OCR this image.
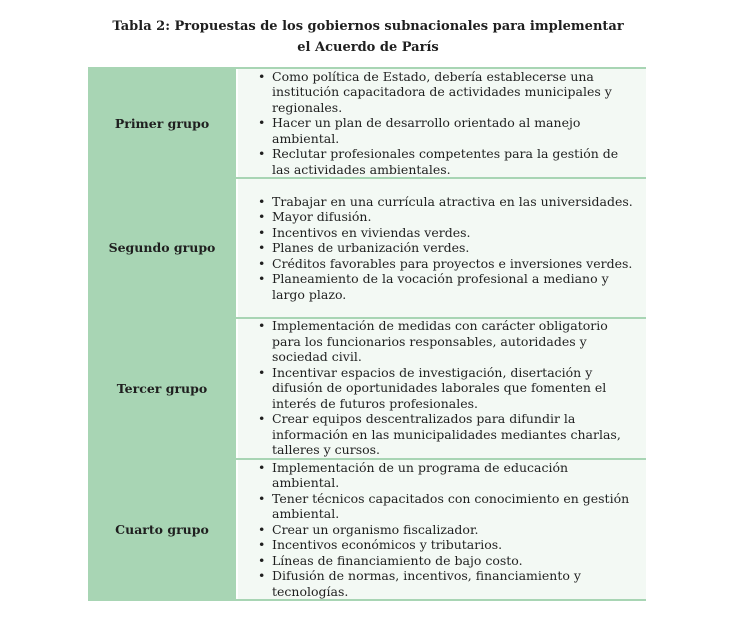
Tabla 2: Propuestas de los gobiernos subnacionales para implementar
el Acuerdo de París
Primer grupo
• Como política de Estado, debería establecerse una institución capacitadora de actividades municipales y regionales.
• Hacer un plan de desarrollo orientado al manejo ambiental.
• Reclutar profesionales competentes para la gestión de las actividades ambientales.
Segundo grupo
• Trabajar en una currícula atractiva en las universidades.
• Mayor difusión.
• Incentivos en viviendas verdes.
• Planes de urbanización verdes.
• Créditos favorables para proyectos e inversiones verdes.
• Planeamiento de la vocación profesional a mediano y largo plazo.
Tercer grupo
• Implementación de medidas con carácter obligatorio para los funcionarios responsables, autoridades y sociedad civil.
• Incentivar espacios de investigación, disertación y difusión de oportunidades laborales que fomenten el interés de futuros profesionales.
• Crear equipos descentralizados para difundir la información en las municipalidades mediantes charlas, talleres y cursos.
Cuarto grupo
• Implementación de un programa de educación ambiental.
• Tener técnicos capacitados con conocimiento en gestión ambiental.
• Crear un organismo fiscalizador.
• Incentivos económicos y tributarios.
• Líneas de financiamiento de bajo costo.
• Difusión de normas, incentivos, financiamiento y tecnologías.
